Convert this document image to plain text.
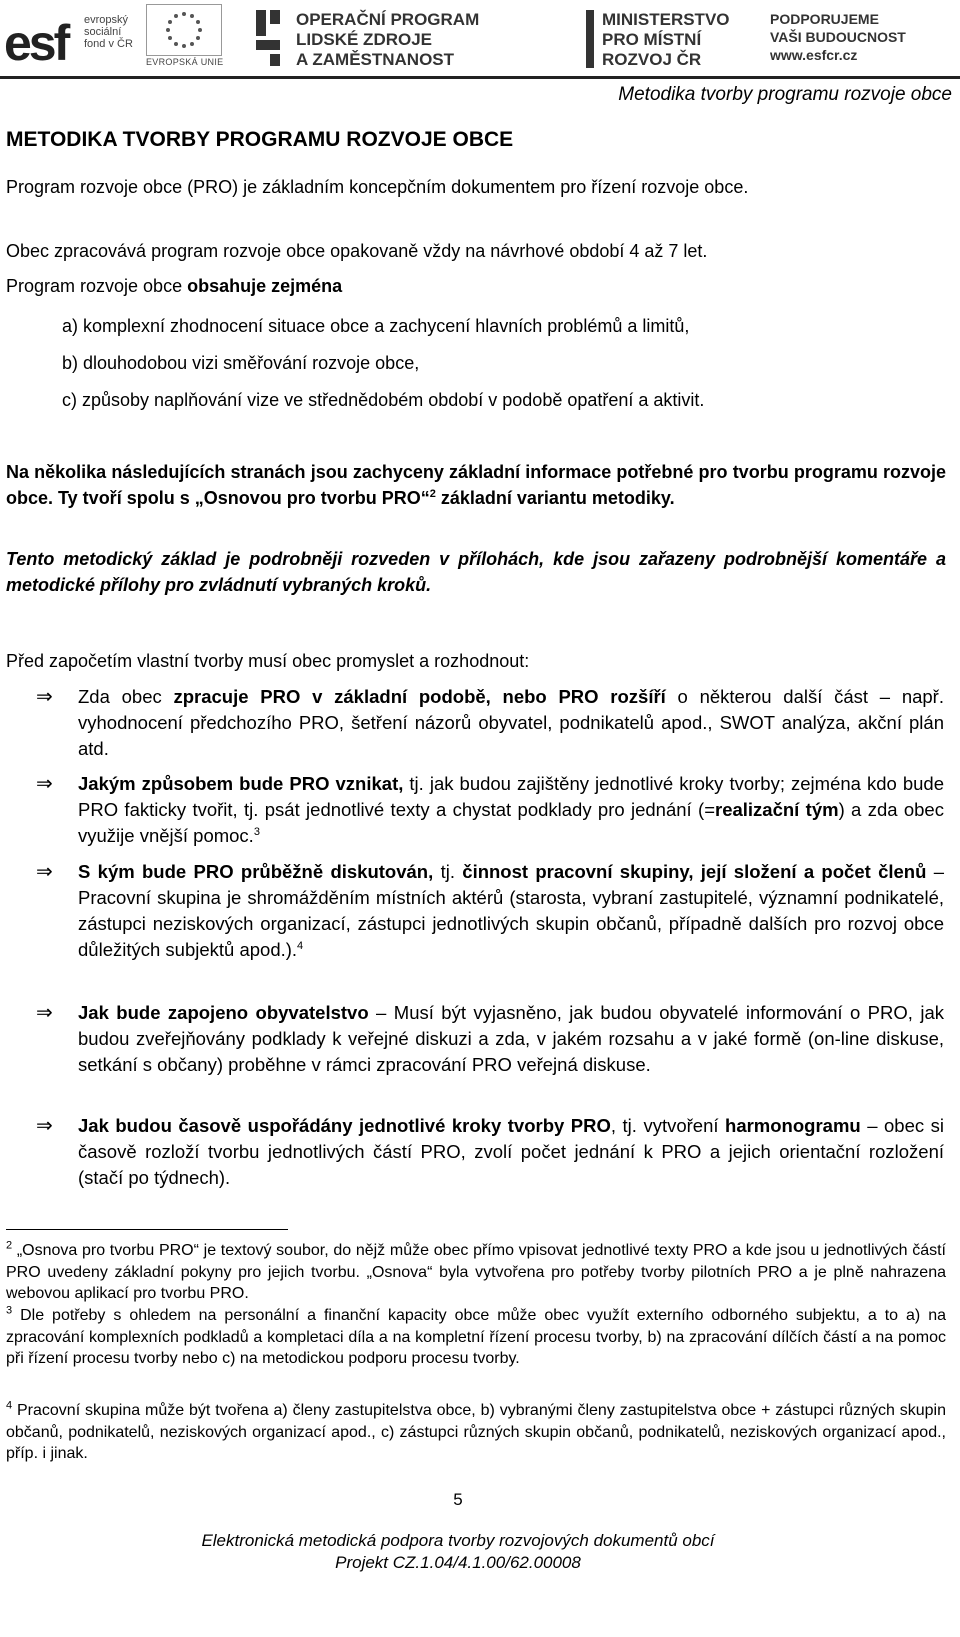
esf	evropský
sociální
fond v ČR
EVROPSKÁ UNIE
OPERAČNÍ PROGRAM
LIDSKÉ ZDROJE
A ZAMĚSTNANOST
MINISTERSTVO
PRO MÍSTNÍ
ROZVOJ ČR
PODPORUJEME
VAŠI BUDOUCNOST
www.esfcr.cz
Metodika tvorby programu rozvoje obce
METODIKA TVORBY PROGRAMU ROZVOJE OBCE

Program rozvoje obce (PRO) je základním koncepčním dokumentem pro řízení rozvoje obce.

Obec zpracovává program rozvoje obce opakovaně vždy na návrhové období 4 až 7 let.

Program rozvoje obce obsahuje zejména

a) komplexní zhodnocení situace obce a zachycení hlavních problémů a limitů,

b) dlouhodobou vizi směřování rozvoje obce,

c) způsoby naplňování vize ve střednědobém období v podobě opatření a aktivit.

Na několika následujících stranách jsou zachyceny základní informace potřebné pro tvorbu programu rozvoje obce. Ty tvoří spolu s „Osnovou pro tvorbu PRO“$^2$ základní variantu metodiky.

Tento metodický základ je podrobněji rozveden v přílohách, kde jsou zařazeny podrobnější komentáře a metodické přílohy pro zvládnutí vybraných kroků.

Před započetím vlastní tvorby musí obec promyslet a rozhodnout:

⇒ Zda obec zpracuje PRO v základní podobě, nebo PRO rozšíří o některou další část – např. vyhodnocení předchozího PRO, šetření názorů obyvatel, podnikatelů apod., SWOT analýza, akční plán atd.

⇒ Jakým způsobem bude PRO vznikat, tj. jak budou zajištěny jednotlivé kroky tvorby; zejména kdo bude PRO fakticky tvořit, tj. psát jednotlivé texty a chystat podklady pro jednání (=realizační tým) a zda obec využije vnější pomoc.$^3$

⇒ S kým bude PRO průběžně diskutován, tj. činnost pracovní skupiny, její složení a počet členů – Pracovní skupina je shromážděním místních aktérů (starosta, vybraní zastupitelé, významní podnikatelé, zástupci neziskových organizací, zástupci jednotlivých skupin občanů, případně dalších pro rozvoj obce důležitých subjektů apod.).$^4$

⇒ Jak bude zapojeno obyvatelstvo – Musí být vyjasněno, jak budou obyvatelé informování o PRO, jak budou zveřejňovány podklady k veřejné diskuzi a zda, v jakém rozsahu a v jaké formě (on-line diskuse, setkání s občany) proběhne v rámci zpracování PRO veřejná diskuse.

⇒ Jak budou časově uspořádány jednotlivé kroky tvorby PRO, tj. vytvoření harmonogramu – obec si časově rozloží tvorbu jednotlivých částí PRO, zvolí počet jednání k PRO a jejich orientační rozložení (stačí po týdnech).

$^2$ „Osnova pro tvorbu PRO“ je textový soubor, do nějž může obec přímo vpisovat jednotlivé texty PRO a kde jsou u jednotlivých částí PRO uvedeny základní pokyny pro jejich tvorbu. „Osnova“ byla vytvořena pro potřeby tvorby pilotních PRO a je plně nahrazena webovou aplikací pro tvorbu PRO.

$^3$ Dle potřeby s ohledem na personální a finanční kapacity obce může obec využít externího odborného subjektu, a to a) na zpracování komplexních podkladů a kompletaci díla a na kompletní řízení procesu tvorby, b) na zpracování dílčích částí a na pomoc při řízení procesu tvorby nebo c) na metodickou podporu procesu tvorby.

$^4$ Pracovní skupina může být tvořena a) členy zastupitelstva obce, b) vybranými členy zastupitelstva obce + zástupci různých skupin občanů, podnikatelů, neziskových organizací apod., c) zástupci různých skupin občanů, podnikatelů, neziskových organizací apod., příp. i jinak.

5
Elektronická metodická podpora tvorby rozvojových dokumentů obcí
Projekt CZ.1.04/4.1.00/62.00008
